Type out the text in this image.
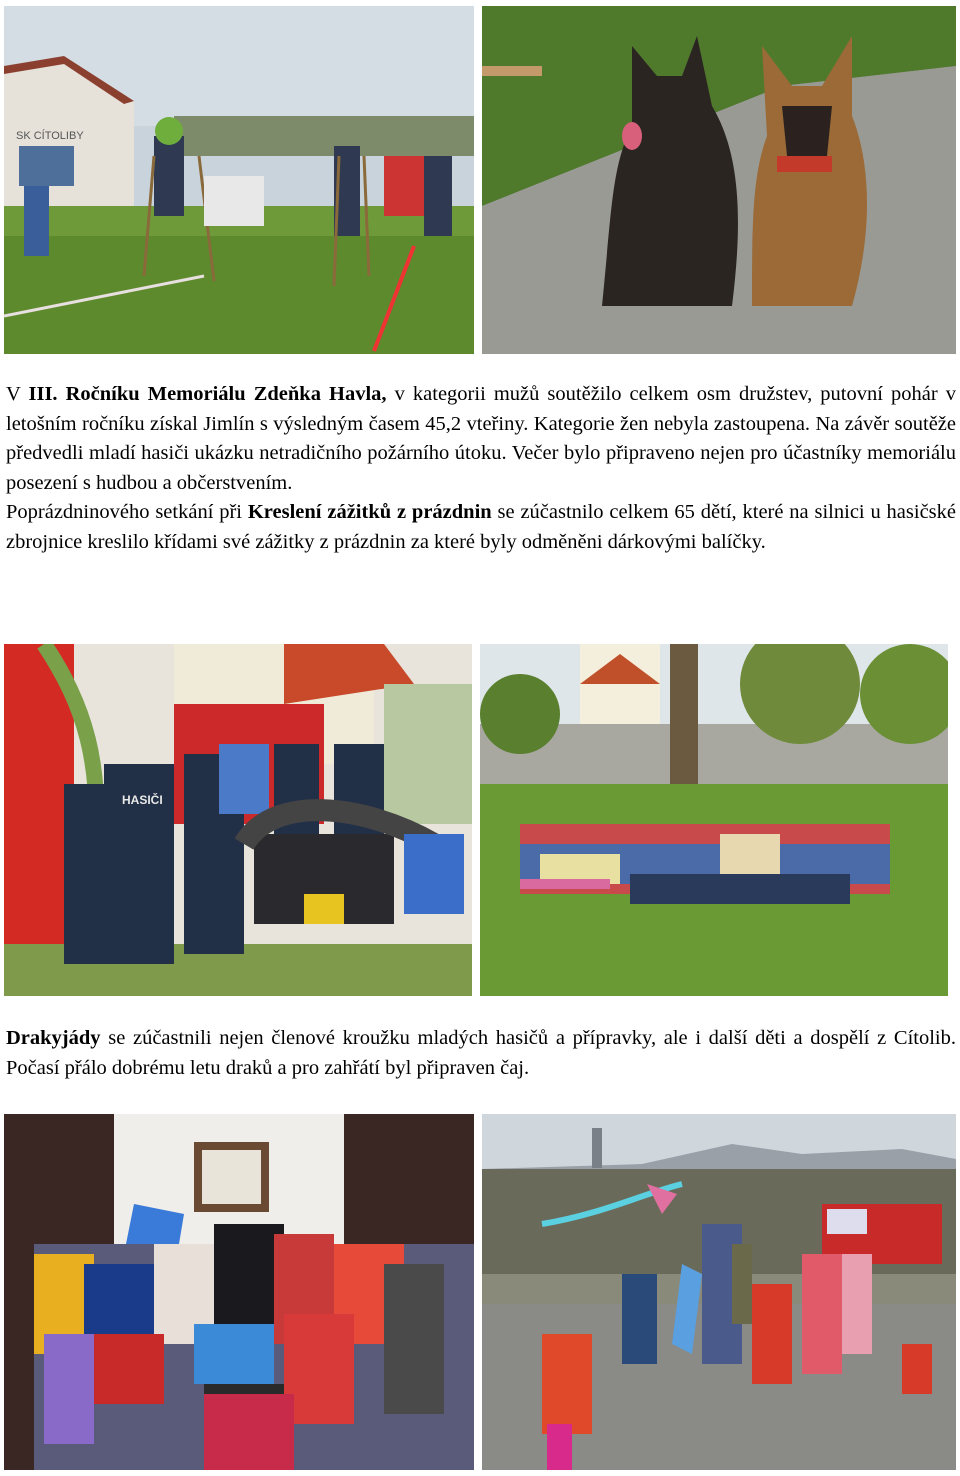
SK CÍTOLIBY

V III. Ročníku Memoriálu Zdeňka Havla, v kategorii mužů soutěžilo celkem osm družstev, putovní pohár v letošním ročníku získal Jimlín s výsledným časem 45,2 vteřiny. Kategorie žen nebyla zastoupena. Na závěr soutěže předvedli mladí hasiči ukázku netradičního požárního útoku. Večer bylo připraveno nejen pro účastníky memoriálu posezení s hudbou a občerstvením.

Poprázdninového setkání při Kreslení zážitků z prázdnin se zúčastnilo celkem 65 dětí, které na silnici u hasičské zbrojnice kreslilo křídami své zážitky z prázdnin za které byly odměněni dárkovými balíčky.

HASIČI

Drakyjády se zúčastnili nejen členové kroužku mladých hasičů a přípravky, ale i další děti a dospělí z Cítolib. Počasí přálo dobrému letu draků a pro zahřátí byl připraven čaj.
